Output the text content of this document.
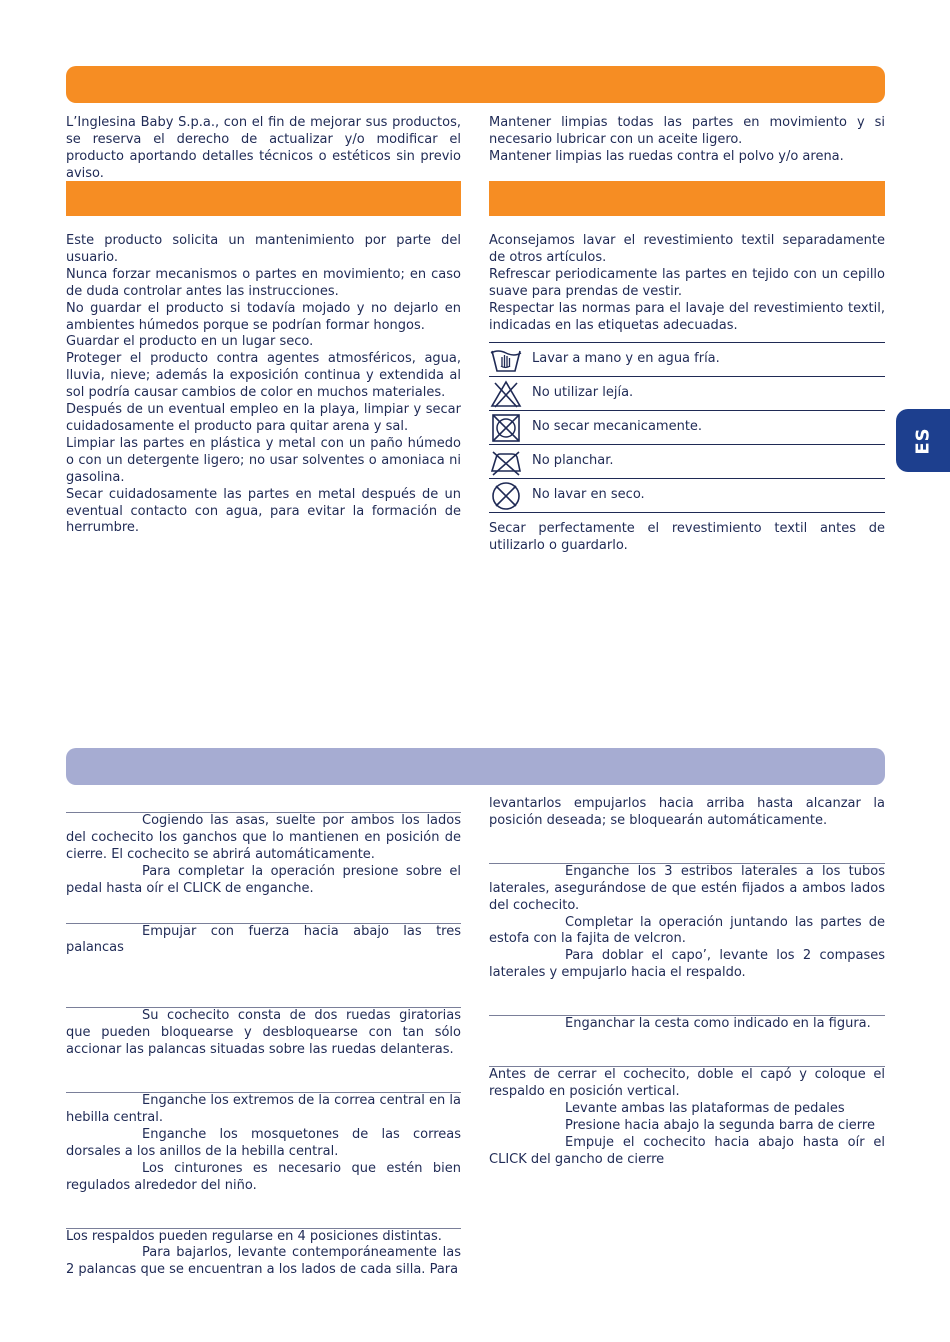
ES

L’Inglesina Baby S.p.a., con el fin de mejorar sus productos, se reserva el derecho de actualizar y/o modificar el producto aportando detalles técnicos o estéticos sin previo aviso.

Mantener limpias todas las partes en movimiento y si necesario lubricar con un aceite ligero.

Mantener limpias las ruedas contra el polvo y/o arena.

Este producto solicita un mantenimiento por parte del usuario.

Nunca forzar mecanismos o partes en movimiento; en caso de duda controlar antes las instrucciones.

No guardar el producto si todavía mojado y no dejarlo en ambientes húmedos porque se podrían formar hongos.

Guardar el producto en un lugar seco.

Proteger el producto contra agentes atmosféricos, agua, lluvia, nieve; además la exposición continua y extendida al sol podría causar cambios de color en muchos materiales.

Después de un eventual empleo en la playa, limpiar y secar cuidadosamente el producto para quitar arena y sal.

Limpiar las partes en plástica y metal con un paño húmedo o con un detergente ligero; no usar solventes o amoniaca ni gasolina.

Secar cuidadosamente las partes en metal después de un eventual contacto con agua, para evitar la formación de herrumbre.

Aconsejamos lavar el revestimiento textil separadamente de otros artículos.

Refrescar periodicamente las partes en tejido con un cepillo suave para prendas de vestir.

Respectar las normas para el lavaje del revestimiento textil, indicadas en las etiquetas adecuadas.

Lavar a mano y en agua fría.
No utilizar lejía.
No secar mecanicamente.
No planchar.
No lavar en seco.

Secar perfectamente el revestimiento textil antes de utilizarlo o guardarlo.

Cogiendo las asas, suelte por ambos los lados del cochecito los ganchos que lo mantienen en posición de cierre. El cochecito se abrirá automáticamente.

Para completar la operación presione sobre el pedal hasta oír el CLICK de enganche.

Empujar con fuerza hacia abajo las tres palancas

Su cochecito consta de dos ruedas giratorias que pueden bloquearse y desbloquearse con tan sólo accionar las palancas situadas sobre las ruedas delanteras.

Enganche los extremos de la correa central en la hebilla central.

Enganche los mosquetones de las correas dorsales a los anillos de la hebilla central.

Los cinturones es necesario que estén bien regulados alrededor del niño.

Los respaldos pueden regularse en 4 posiciones distintas.

Para bajarlos, levante contemporáneamente las 2 palancas que se encuentran a los lados de cada silla. Para

levantarlos empujarlos hacia arriba hasta alcanzar la posición deseada; se bloquearán automáticamente.

Enganche los 3 estribos laterales a los tubos laterales, asegurándose de que estén fijados a ambos lados del cochecito.

Completar la operación juntando las partes de estofa con la fajita de velcron.

Para doblar el capo’, levante los 2 compases laterales y empujarlo hacia el respaldo.

Enganchar la cesta como indicado en la figura.

Antes de cerrar el cochecito, doble el capó y coloque el respaldo en posición vertical.

Levante ambas las plataformas de pedales

Presione hacia abajo la segunda barra de cierre

Empuje el cochecito hacia abajo hasta oír el CLICK del gancho de cierre
